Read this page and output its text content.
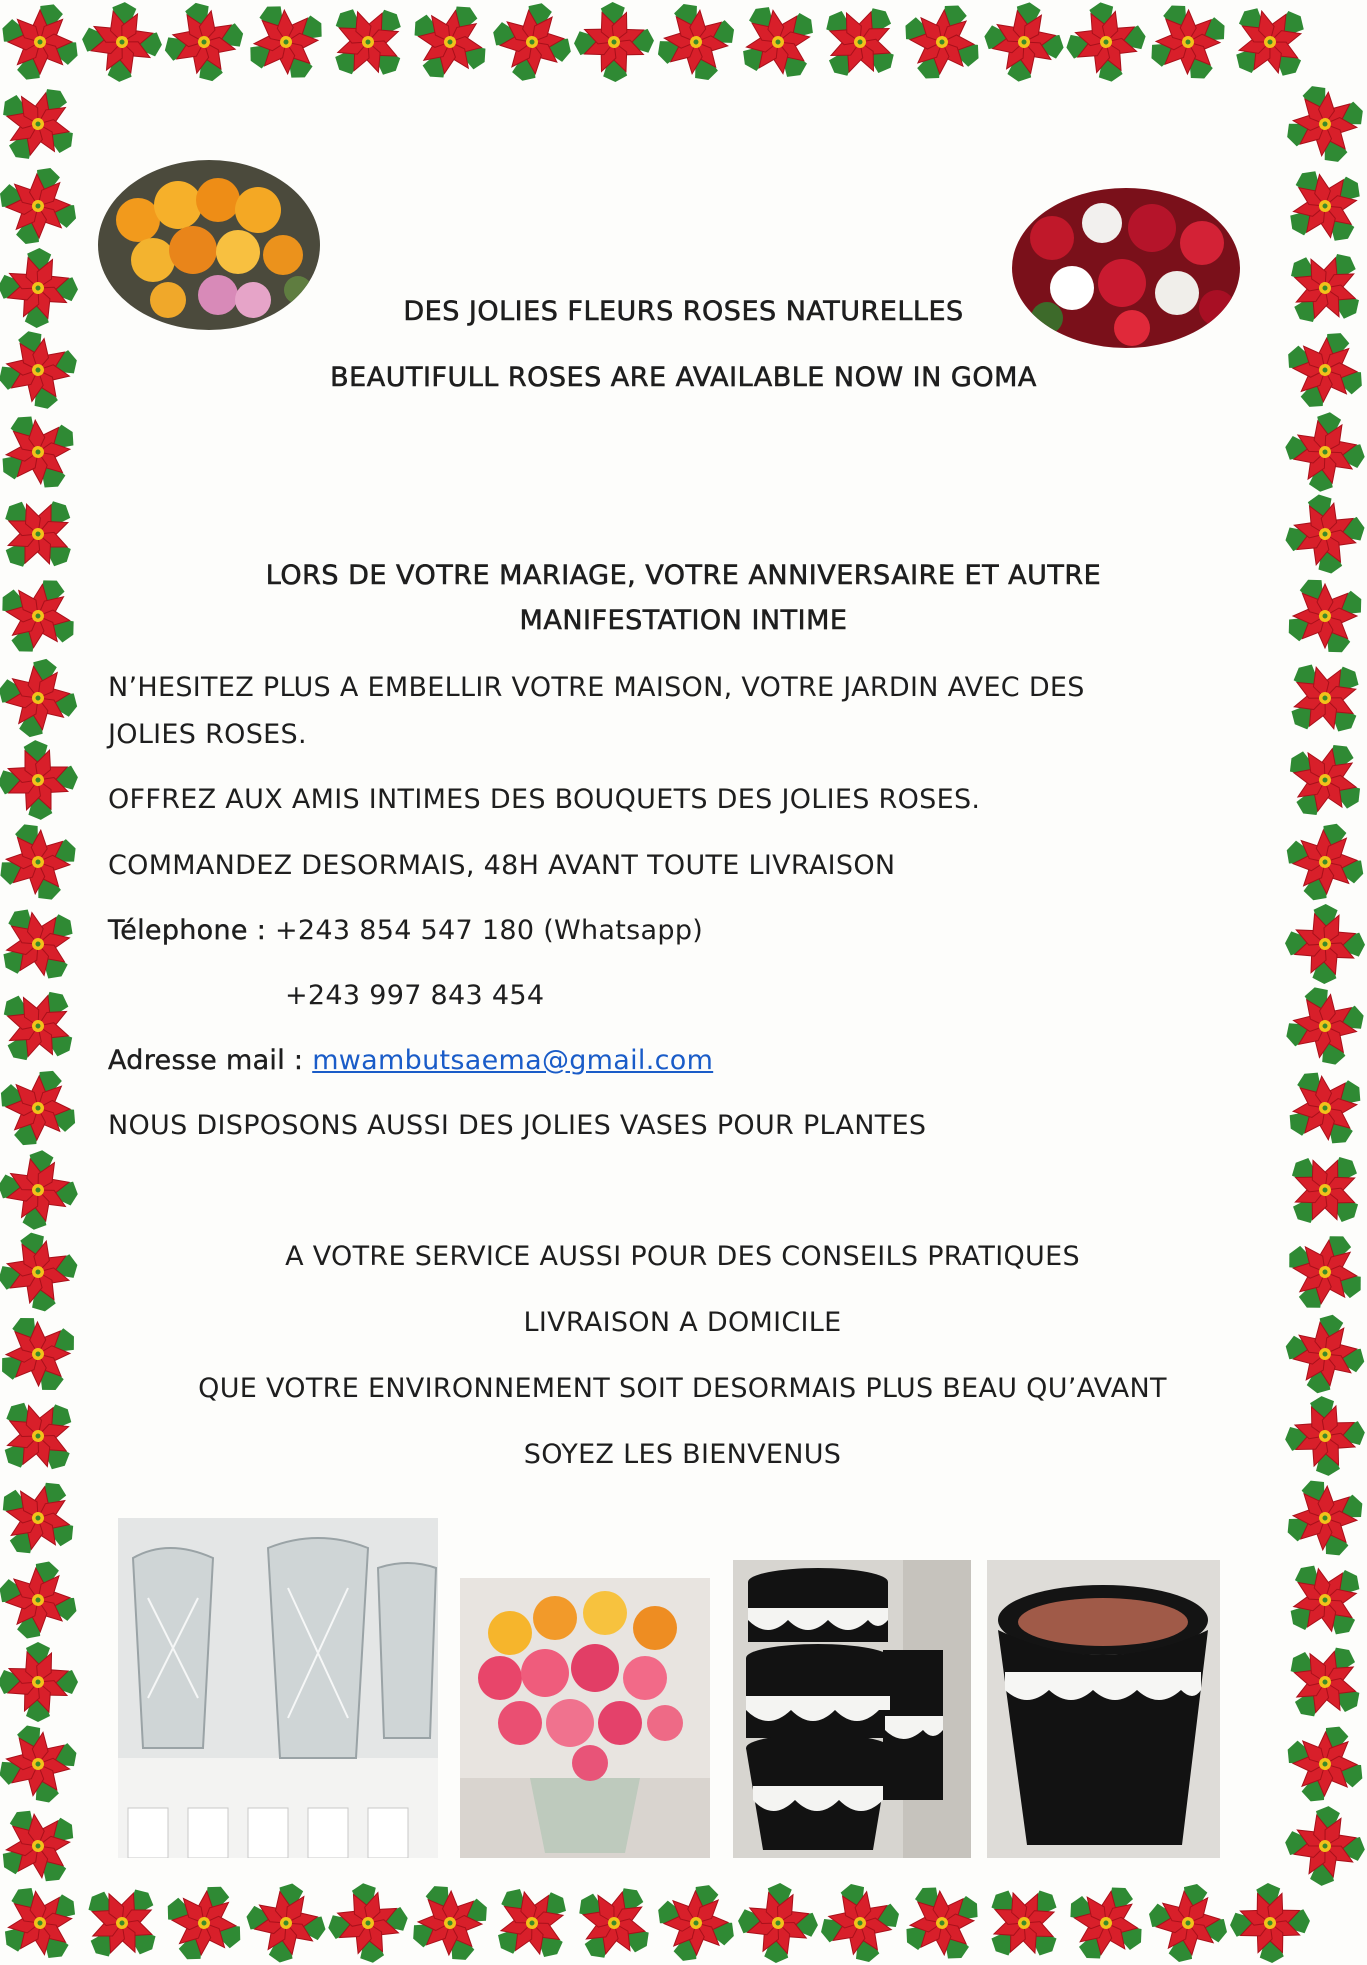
DES JOLIES FLEURS ROSES NATURELLES
BEAUTIFULL ROSES ARE AVAILABLE NOW IN GOMA

LORS DE VOTRE MARIAGE, VOTRE ANNIVERSAIRE ET AUTRE

MANIFESTATION INTIME

N’HESITEZ PLUS A EMBELLIR VOTRE MAISON, VOTRE JARDIN AVEC DES

JOLIES ROSES.

OFFREZ AUX AMIS INTIMES DES BOUQUETS DES JOLIES ROSES.

COMMANDEZ DESORMAIS, 48H AVANT TOUTE LIVRAISON

Télephone : +243 854 547 180 (Whatsapp)

+243 997 843 454

Adresse mail : mwambutsaema@gmail.com

NOUS DISPOSONS AUSSI DES JOLIES VASES POUR PLANTES

A VOTRE SERVICE AUSSI POUR DES CONSEILS PRATIQUES

LIVRAISON A DOMICILE

QUE VOTRE ENVIRONNEMENT SOIT DESORMAIS PLUS BEAU QU’AVANT

SOYEZ LES BIENVENUS
